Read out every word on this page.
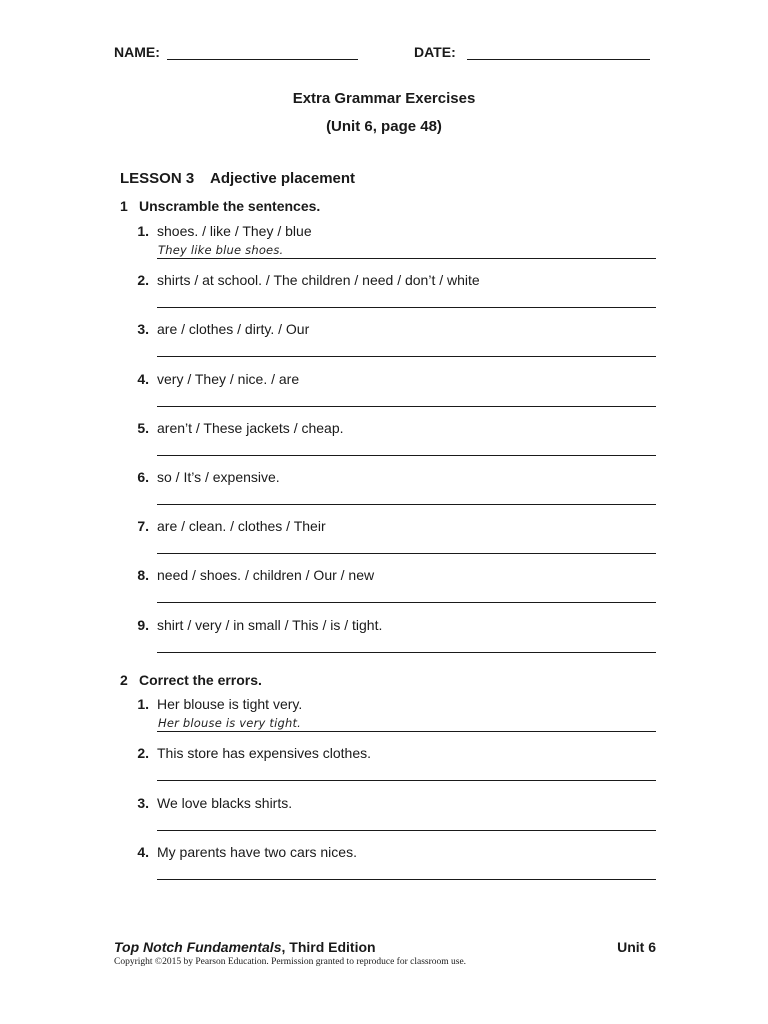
NAME:	DATE:
Extra Grammar Exercises
(Unit 6, page 48)
LESSON 3 Adjective placement
1 Unscramble the sentences.
1. shoes. / like / They / blue
They like blue shoes.
2. shirts / at school. / The children / need / don’t / white
3. are / clothes / dirty. / Our
4. very / They / nice. / are
5. aren’t / These jackets / cheap.
6. so / It’s / expensive.
7. are / clean. / clothes / Their
8. need / shoes. / children / Our / new
9. shirt / very / in small / This / is / tight.
2 Correct the errors.
1. Her blouse is tight very.
Her blouse is very tight.
2. This store has expensives clothes.
3. We love blacks shirts.
4. My parents have two cars nices.
Top Notch Fundamentals, Third Edition	Unit 6
Copyright ©2015 by Pearson Education. Permission granted to reproduce for classroom use.
